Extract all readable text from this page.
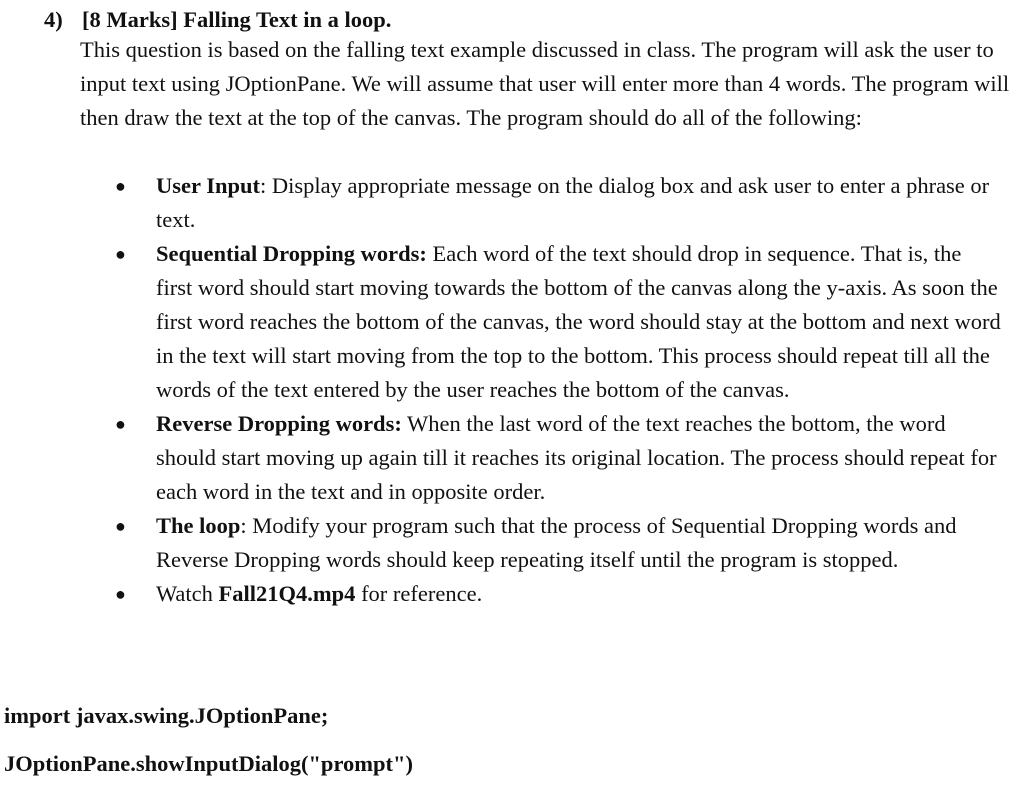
4) [8 Marks] Falling Text in a loop.

This question is based on the falling text example discussed in class. The program will ask the user to input text using JOptionPane. We will assume that user will enter more than 4 words. The program will then draw the text at the top of the canvas. The program should do all of the following:

● User Input: Display appropriate message on the dialog box and ask user to enter a phrase or text.
● Sequential Dropping words: Each word of the text should drop in sequence. That is, the first word should start moving towards the bottom of the canvas along the y-axis. As soon the first word reaches the bottom of the canvas, the word should stay at the bottom and next word in the text will start moving from the top to the bottom. This process should repeat till all the words of the text entered by the user reaches the bottom of the canvas.
● Reverse Dropping words: When the last word of the text reaches the bottom, the word should start moving up again till it reaches its original location. The process should repeat for each word in the text and in opposite order.
● The loop: Modify your program such that the process of Sequential Dropping words and Reverse Dropping words should keep repeating itself until the program is stopped.
● Watch Fall21Q4.mp4 for reference.
import javax.swing.JOptionPane;
JOptionPane.showInputDialog("prompt")
